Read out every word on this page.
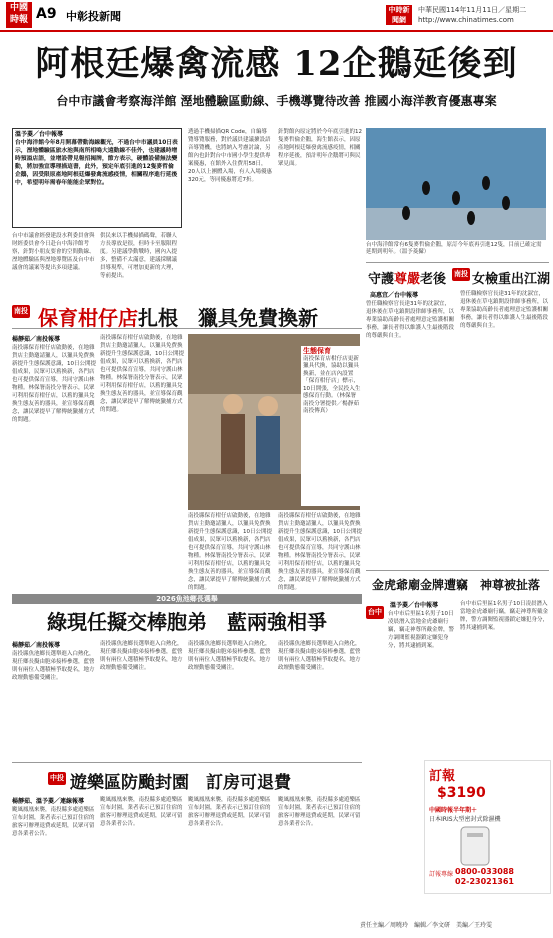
中國時報 A9 中彰投新聞	中時新聞網
中華民國114年11月11日／星期二
http://www.chinatimes.com
阿根廷爆禽流感 12企鵝延後到
台中市議會考察海洋館 溼地體驗區動線、手機導覽待改善 推國小海洋教育優惠專案
溫予菱／台中報導
台中海洋館今年8月開幕帶動海線觀光，不過台中市議員10日表示，溼地體驗區旅水池與南所相鳴大遠動線不佳外，也建議時增時預溢店語，並增設帶見報招揭牌，節方表示，硬體設備無法變動，將加強宣導理描這書，此外，預定年底引進的12隻麥哲倫企鵝，因受限原產地阿根廷爆發禽流感疫情，相關程序進行延後中，希望明年需春年能能企眾對位。
台中市議會經發建設水利委員會與財經委員會今日赴台中海洋館考察，針對小朋友要會的空間動線、溼地體驗區與溼地導覽區及台中市議會的議案等提出多項建議。
供民來以手機掃描碼聲，若聯人方長導放是很，但時卡至服限程度。另建議學動戰時，國內入提多，整備不太滿意，建議採購議員導現準，可增加更新的大理，等前提出。
透過手機掃描QR Code，自編導覽導覽服務，對於議員建議擴設語音導覽機，也將納入考慮討論，另館內也針對台中市國小學生提供專案優惠，在館外入住費用58日，20人以上團體入場，有人入場優惠320元，等同優惠將近7折。
針對館內原定將於今年底引進的12隻麥哲倫企鵝，海生館表示，因原產地阿根廷爆發禽流感疫情，相關程序延後，預計明年企鵝將可與民眾見面。
台中海洋館常有6隻麥哲倫企鵝，原訂今年底再引進12隻，目前已確定需延期到明年。（溫予菱攝）
南投 保育柑仔店扎根　獵具免費換新
楊靜茹／南投報導
南投縣保育柑仔店啟動後，在地雜貨店主動邀請獵人，以獵具免費換新提升生態保護意識，10日公開提倡成果，民眾可以舊換新，各門店也可提供保育宣導，共同守護山林物種。林保署南投分署表示，民眾可利用保育柑仔店，以舊的獵具兌換生態友善的器具，並宣導保育觀念，讓民眾提早了解傳統獵捕方式的問題。
南投縣保育柑仔店啟動後，在地雜貨店主動邀請獵人，以獵具免費換新提升生態保護意識，10日公開提倡成果，民眾可以舊換新，各門店也可提供保育宣導，共同守護山林物種。林保署南投分署表示，民眾可利用保育柑仔店，以舊的獵具兌換生態友善的器具，並宣導保育觀念，讓民眾提早了解傳統獵捕方式的問題。
生態保育
南投保育店柑仔店更新獵具代換，協助以獵具換新，並在店內設置「保育柑仔店」標示，10日開張，全民投入生態保育行動。（林保署南投分署提供／楊靜茹南投傳真）
南投縣保育柑仔店啟動後，在地雜貨店主動邀請獵人，以獵具免費換新提升生態保護意識，10日公開提倡成果，民眾可以舊換新，各門店也可提供保育宣導，共同守護山林物種。林保署南投分署表示，民眾可利用保育柑仔店，以舊的獵具兌換生態友善的器具，並宣導保育觀念，讓民眾提早了解傳統獵捕方式的問題。
南投縣保育柑仔店啟動後，在地雜貨店主動邀請獵人，以獵具免費換新提升生態保護意識，10日公開提倡成果，民眾可以舊換新，各門店也可提供保育宣導，共同守護山林物種。林保署南投分署表示，民眾可利用保育柑仔店，以舊的獵具兌換生態友善的器具，並宣導保育觀念，讓民眾提早了解傳統獵捕方式的問題。
守護尊嚴老後 南投 女檢重出江湖
高惠宜／台中報導
曾任職檢察官長達31年的沈淑宜，退休後在草屯鎮開設律師事務所，以專業協助高齡長者處理意定監護相關事務，讓長者得以維護人生最後階段的尊嚴與自主。
曾任職檢察官長達31年的沈淑宜，退休後在草屯鎮開設律師事務所，以專業協助高齡長者處理意定監護相關事務，讓長者得以維護人生最後階段的尊嚴與自主。
金虎爺廟金牌遭竊　神尊被扯落
台中
溫予菱／台中報導
台中市后里區1名男子10日凌晨潛入當地金虎爺廟行竊，竊走神尊所戴金牌，警方調閱監視器鎖定嫌犯身分，將其逮捕到案。
台中市后里區1名男子10日凌晨潛入當地金虎爺廟行竊，竊走神尊所戴金牌，警方調閱監視器鎖定嫌犯身分，將其逮捕到案。
訂報
$3190
中國時報半年期＋
日本IRIS大型密封式除濕機
訂報專線 0800-033088
02-23021361
2026魚池鄉長選舉
綠現任擬交棒胞弟　藍兩強相爭
楊靜茹／南投報導
南投縣魚池鄉長選舉進入白熱化，現任鄉長擬由胞弟接棒參選，藍營則有兩位人選積極爭取提名，地方政壇動態備受關注。
南投縣魚池鄉長選舉進入白熱化，現任鄉長擬由胞弟接棒參選，藍營則有兩位人選積極爭取提名，地方政壇動態備受關注。
南投縣魚池鄉長選舉進入白熱化，現任鄉長擬由胞弟接棒參選，藍營則有兩位人選積極爭取提名，地方政壇動態備受關注。
南投縣魚池鄉長選舉進入白熱化，現任鄉長擬由胞弟接棒參選，藍營則有兩位人選積極爭取提名，地方政壇動態備受關注。
中投 遊樂區防颱封園　訂房可退費
楊靜茹、溫予菱／連線報導
颱風鳳凰來襲，南投縣多處遊樂區宣布封園，業者表示已預訂住宿的旅客可辦理退費或延期，民眾可留意各業者公告。
颱風鳳凰來襲，南投縣多處遊樂區宣布封園，業者表示已預訂住宿的旅客可辦理退費或延期，民眾可留意各業者公告。
颱風鳳凰來襲，南投縣多處遊樂區宣布封園，業者表示已預訂住宿的旅客可辦理退費或延期，民眾可留意各業者公告。
颱風鳳凰來襲，南投縣多處遊樂區宣布封園，業者表示已預訂住宿的旅客可辦理退費或延期，民眾可留意各業者公告。
責任主編／周曉玲　編輯／李文研　美編／王玲雯
